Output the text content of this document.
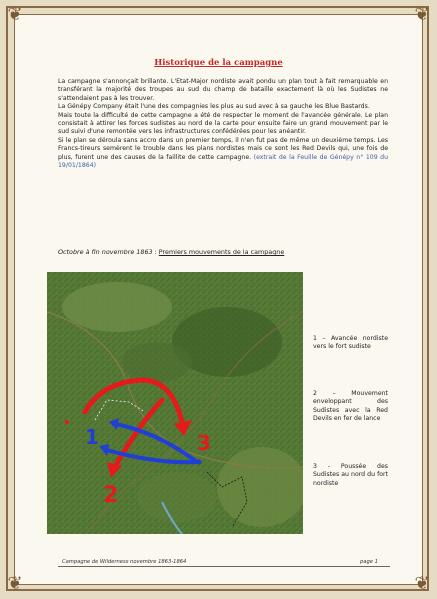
❦	❦
❦	❦
Historique de la campagne

La campagne s'annonçait brillante. L'Etat-Major nordiste avait pondu un plan tout à fait remarquable en transférant la majorité des troupes au sud du champ de bataille exactement là où les Sudistes ne s'attendaient pas à les trouver.

La Génépy Company était l'une des compagnies les plus au sud avec à sa gauche les Blue Bastards.

Mais toute la difficulté de cette campagne a été de respecter le moment de l'avancée générale. Le plan consistait à attirer les forces sudistes au nord de la carte pour ensuite faire un grand mouvement par le sud suivi d'une remontée vers les infrastructures confédérées pour les anéantir.

Si le plan se déroula sans accro dans un premier temps, il n'en fut pas de même un deuxième temps. Les Francs-tireurs semèrent le trouble dans les plans nordistes mais ce sont les Red Devils qui, une fois de plus, furent une des causes de la faillite de cette campagne. (extrait de la Feuille de Génépy n° 109 du 19/01/1864)

Octobre à fin novembre 1863 : Premiers mouvements de la campagne
1
2
3
1 – Avancée nordiste vers le fort sudiste
2 – Mouvement enveloppant des Sudistes avec la Red Devils en fer de lance
3 - Poussée des Sudistes au nord du fort nordiste
Campagne de Wilderness novembre 1863-1864	page 1
